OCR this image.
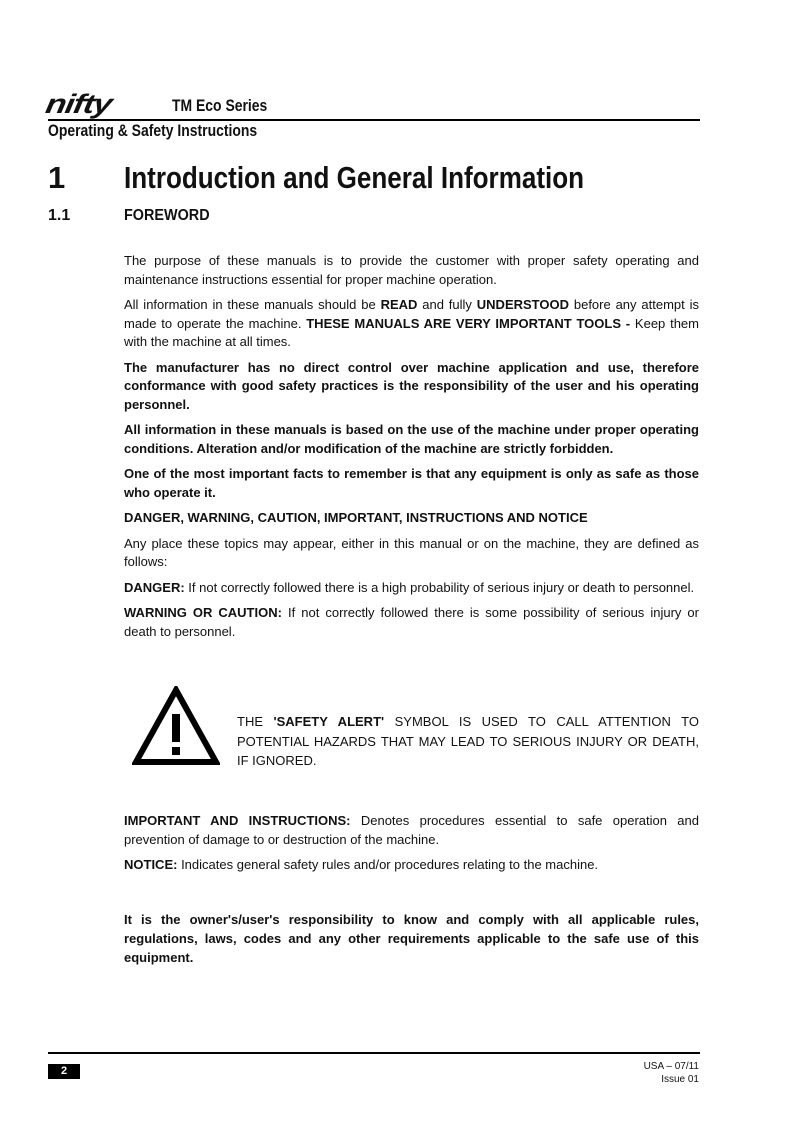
nifty	TM Eco Series
Operating & Safety Instructions
1 Introduction and General Information
1.1	FOREWORD

The purpose of these manuals is to provide the customer with proper safety operating and maintenance instructions essential for proper machine operation.

All information in these manuals should be READ and fully UNDERSTOOD before any attempt is made to operate the machine. THESE MANUALS ARE VERY IMPORTANT TOOLS - Keep them with the machine at all times.

The manufacturer has no direct control over machine application and use, therefore conformance with good safety practices is the responsibility of the user and his operating personnel.

All information in these manuals is based on the use of the machine under proper operating conditions. Alteration and/or modification of the machine are strictly forbidden.

One of the most important facts to remember is that any equipment is only as safe as those who operate it.

DANGER, WARNING, CAUTION, IMPORTANT, INSTRUCTIONS AND NOTICE

Any place these topics may appear, either in this manual or on the machine, they are defined as follows:

DANGER: If not correctly followed there is a high probability of serious injury or death to personnel.

WARNING OR CAUTION: If not correctly followed there is some possibility of serious injury or death to personnel.

THE 'SAFETY ALERT' SYMBOL IS USED TO CALL ATTENTION TO POTENTIAL HAZARDS THAT MAY LEAD TO SERIOUS INJURY OR DEATH, IF IGNORED.

IMPORTANT AND INSTRUCTIONS: Denotes procedures essential to safe operation and prevention of damage to or destruction of the machine.

NOTICE: Indicates general safety rules and/or procedures relating to the machine.

It is the owner's/user's responsibility to know and comply with all applicable rules, regulations, laws, codes and any other requirements applicable to the safe use of this equipment.
2	USA – 07/11
Issue 01
